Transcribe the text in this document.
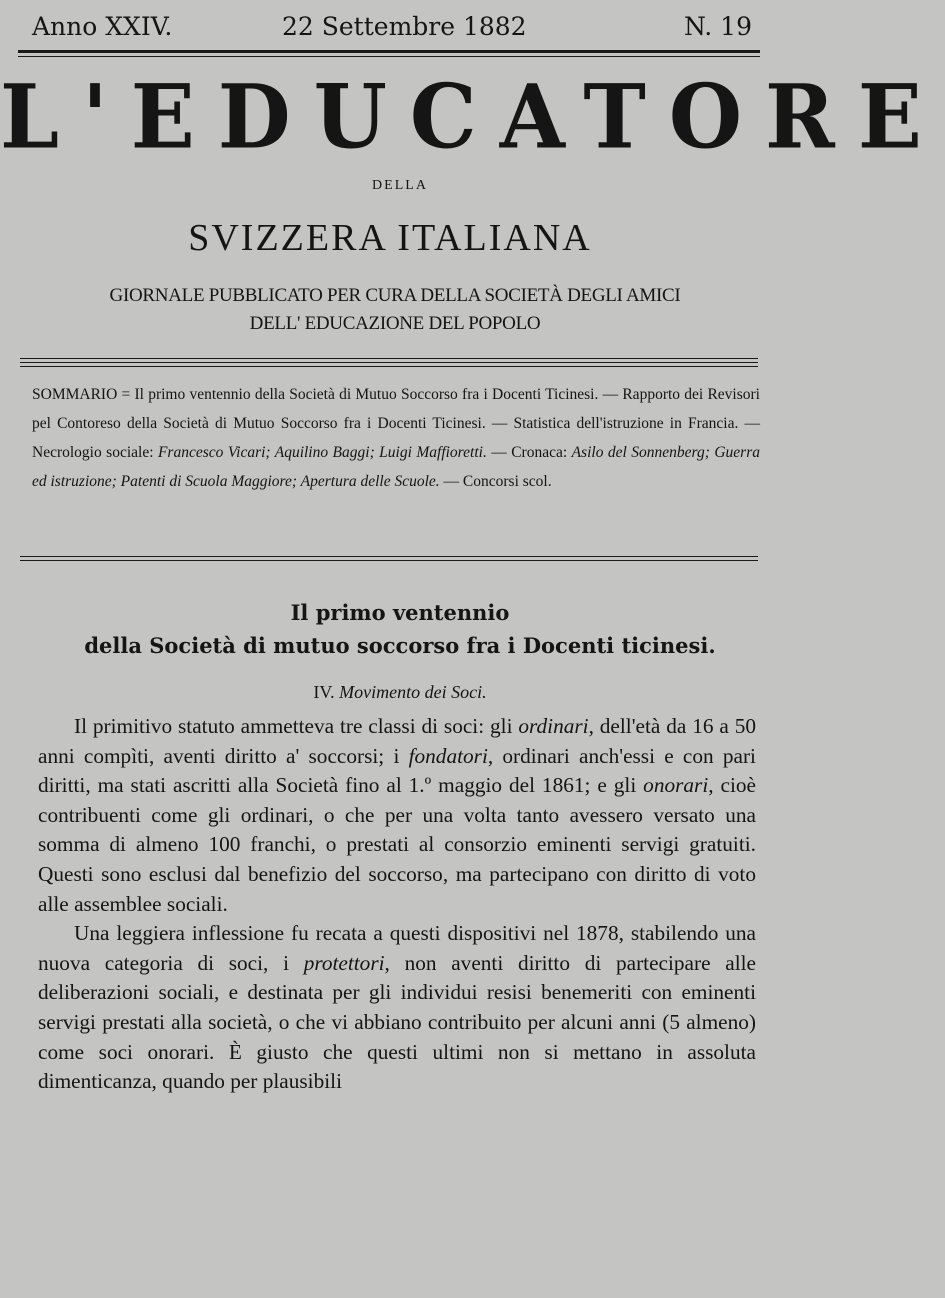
Anno XXIV.	22 Settembre 1882	N. 19
L'EDUCATORE
DELLA
SVIZZERA ITALIANA
GIORNALE PUBBLICATO PER CURA DELLA SOCIETÀ DEGLI AMICI
DELL' EDUCAZIONE DEL POPOLO
SOMMARIO = Il primo ventennio della Società di Mutuo Soccorso fra i Docenti Ticinesi. — Rapporto dei Revisori pel Contoreso della Società di Mutuo Soccorso fra i Docenti Ticinesi. — Statistica dell'istruzione in Francia. — Necrologio sociale: Francesco Vicari; Aquilino Baggi; Luigi Maffioretti. — Cronaca: Asilo del Sonnenberg; Guerra ed istruzione; Patenti di Scuola Maggiore; Apertura delle Scuole. — Concorsi scol.
Il primo ventennio
della Società di mutuo soccorso fra i Docenti ticinesi.
IV. Movimento dei Soci.

Il primitivo statuto ammetteva tre classi di soci: gli ordinari, dell'età da 16 a 50 anni compìti, aventi diritto a' soccorsi; i fondatori, ordinari anch'essi e con pari diritti, ma stati ascritti alla Società fino al 1.º maggio del 1861; e gli onorari, cioè contribuenti come gli ordinari, o che per una volta tanto avessero versato una somma di almeno 100 franchi, o prestati al consorzio eminenti servigi gratuiti. Questi sono esclusi dal benefizio del soccorso, ma partecipano con diritto di voto alle assemblee sociali.

Una leggiera inflessione fu recata a questi dispositivi nel 1878, stabilendo una nuova categoria di soci, i protettori, non aventi diritto di partecipare alle deliberazioni sociali, e destinata per gli individui resisi benemeriti con eminenti servigi prestati alla società, o che vi abbiano contribuito per alcuni anni (5 almeno) come soci onorari. È giusto che questi ultimi non si mettano in assoluta dimenticanza, quando per plausibili
